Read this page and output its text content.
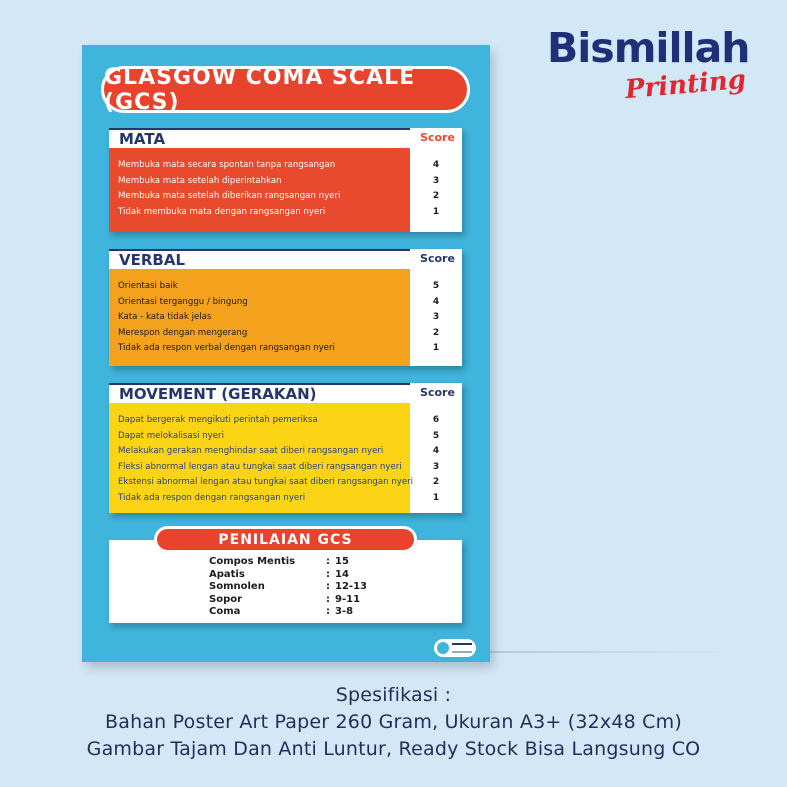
Bismillah
Printing
GLASGOW COMA SCALE (GCS)
MATA	Score
Membuka mata secara spontan tanpa rangsangan	4
Membuka mata setelah diperintahkan	3
Membuka mata setelah diberikan rangsangan nyeri	2
Tidak membuka mata dengan rangsangan nyeri	1
VERBAL	Score
Orientasi baik	5
Orientasi terganggu / bingung	4
Kata - kata tidak jelas	3
Merespon dengan mengerang	2
Tidak ada respon verbal dengan rangsangan nyeri	1
MOVEMENT (GERAKAN)	Score
Dapat bergerak mengikuti perintah pemeriksa	6
Dapat melokalisasi nyeri	5
Melakukan gerakan menghindar saat diberi rangsangan nyeri	4
Fleksi abnormal lengan atau tungkai saat diberi rangsangan nyeri	3
Ekstensi abnormal lengan atau tungkai saat diberi rangsangan nyeri	2
Tidak ada respon dengan rangsangan nyeri	1
PENILAIAN GCS
Compos Mentis	: 15
Apatis	: 14
Somnolen	: 12-13
Sopor	: 9-11
Coma	: 3-8
Spesifikasi :
Bahan Poster Art Paper 260 Gram, Ukuran A3+ (32x48 Cm)
Gambar Tajam Dan Anti Luntur, Ready Stock Bisa Langsung CO
